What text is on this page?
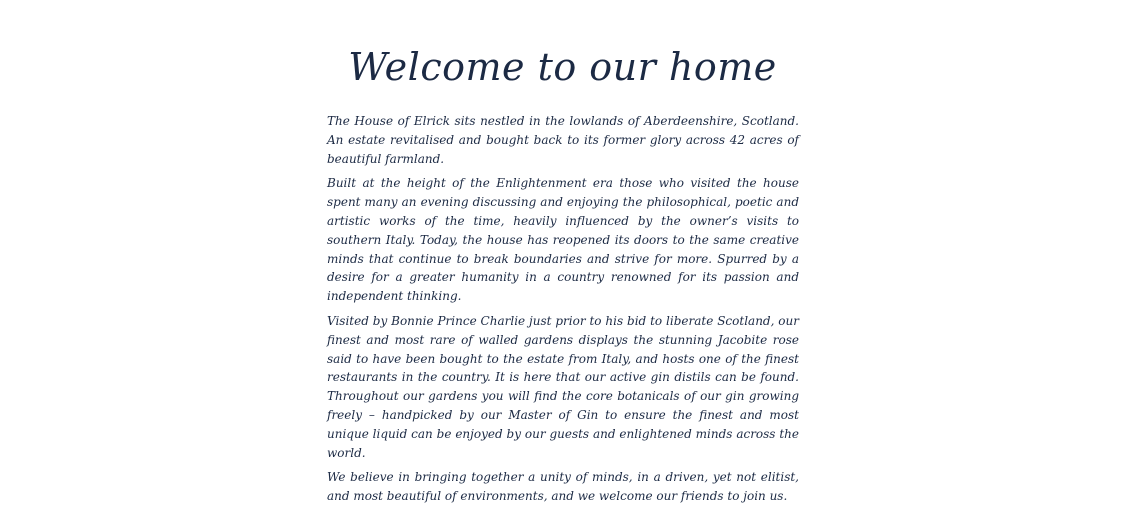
Welcome to our home

The House of Elrick sits nestled in the lowlands of Aberdeenshire, Scotland. An estate revitalised and bought back to its former glory across 42 acres of beautiful farmland.

Built at the height of the Enlightenment era those who visited the house spent many an evening discussing and enjoying the philosophical, poetic and artistic works of the time, heavily influenced by the owner’s visits to southern Italy. Today, the house has reopened its doors to the same creative minds that continue to break boundaries and strive for more. Spurred by a desire for a greater humanity in a country renowned for its passion and independent thinking.

Visited by Bonnie Prince Charlie just prior to his bid to liberate Scotland, our finest and most rare of walled gardens displays the stunning Jacobite rose said to have been bought to the estate from Italy, and hosts one of the finest restaurants in the country. It is here that our active gin distils can be found. Throughout our gardens you will find the core botanicals of our gin growing freely – handpicked by our Master of Gin to ensure the finest and most unique liquid can be enjoyed by our guests and enlightened minds across the world.

We believe in bringing together a unity of minds, in a driven, yet not elitist, and most beautiful of environments, and we welcome our friends to join us.
